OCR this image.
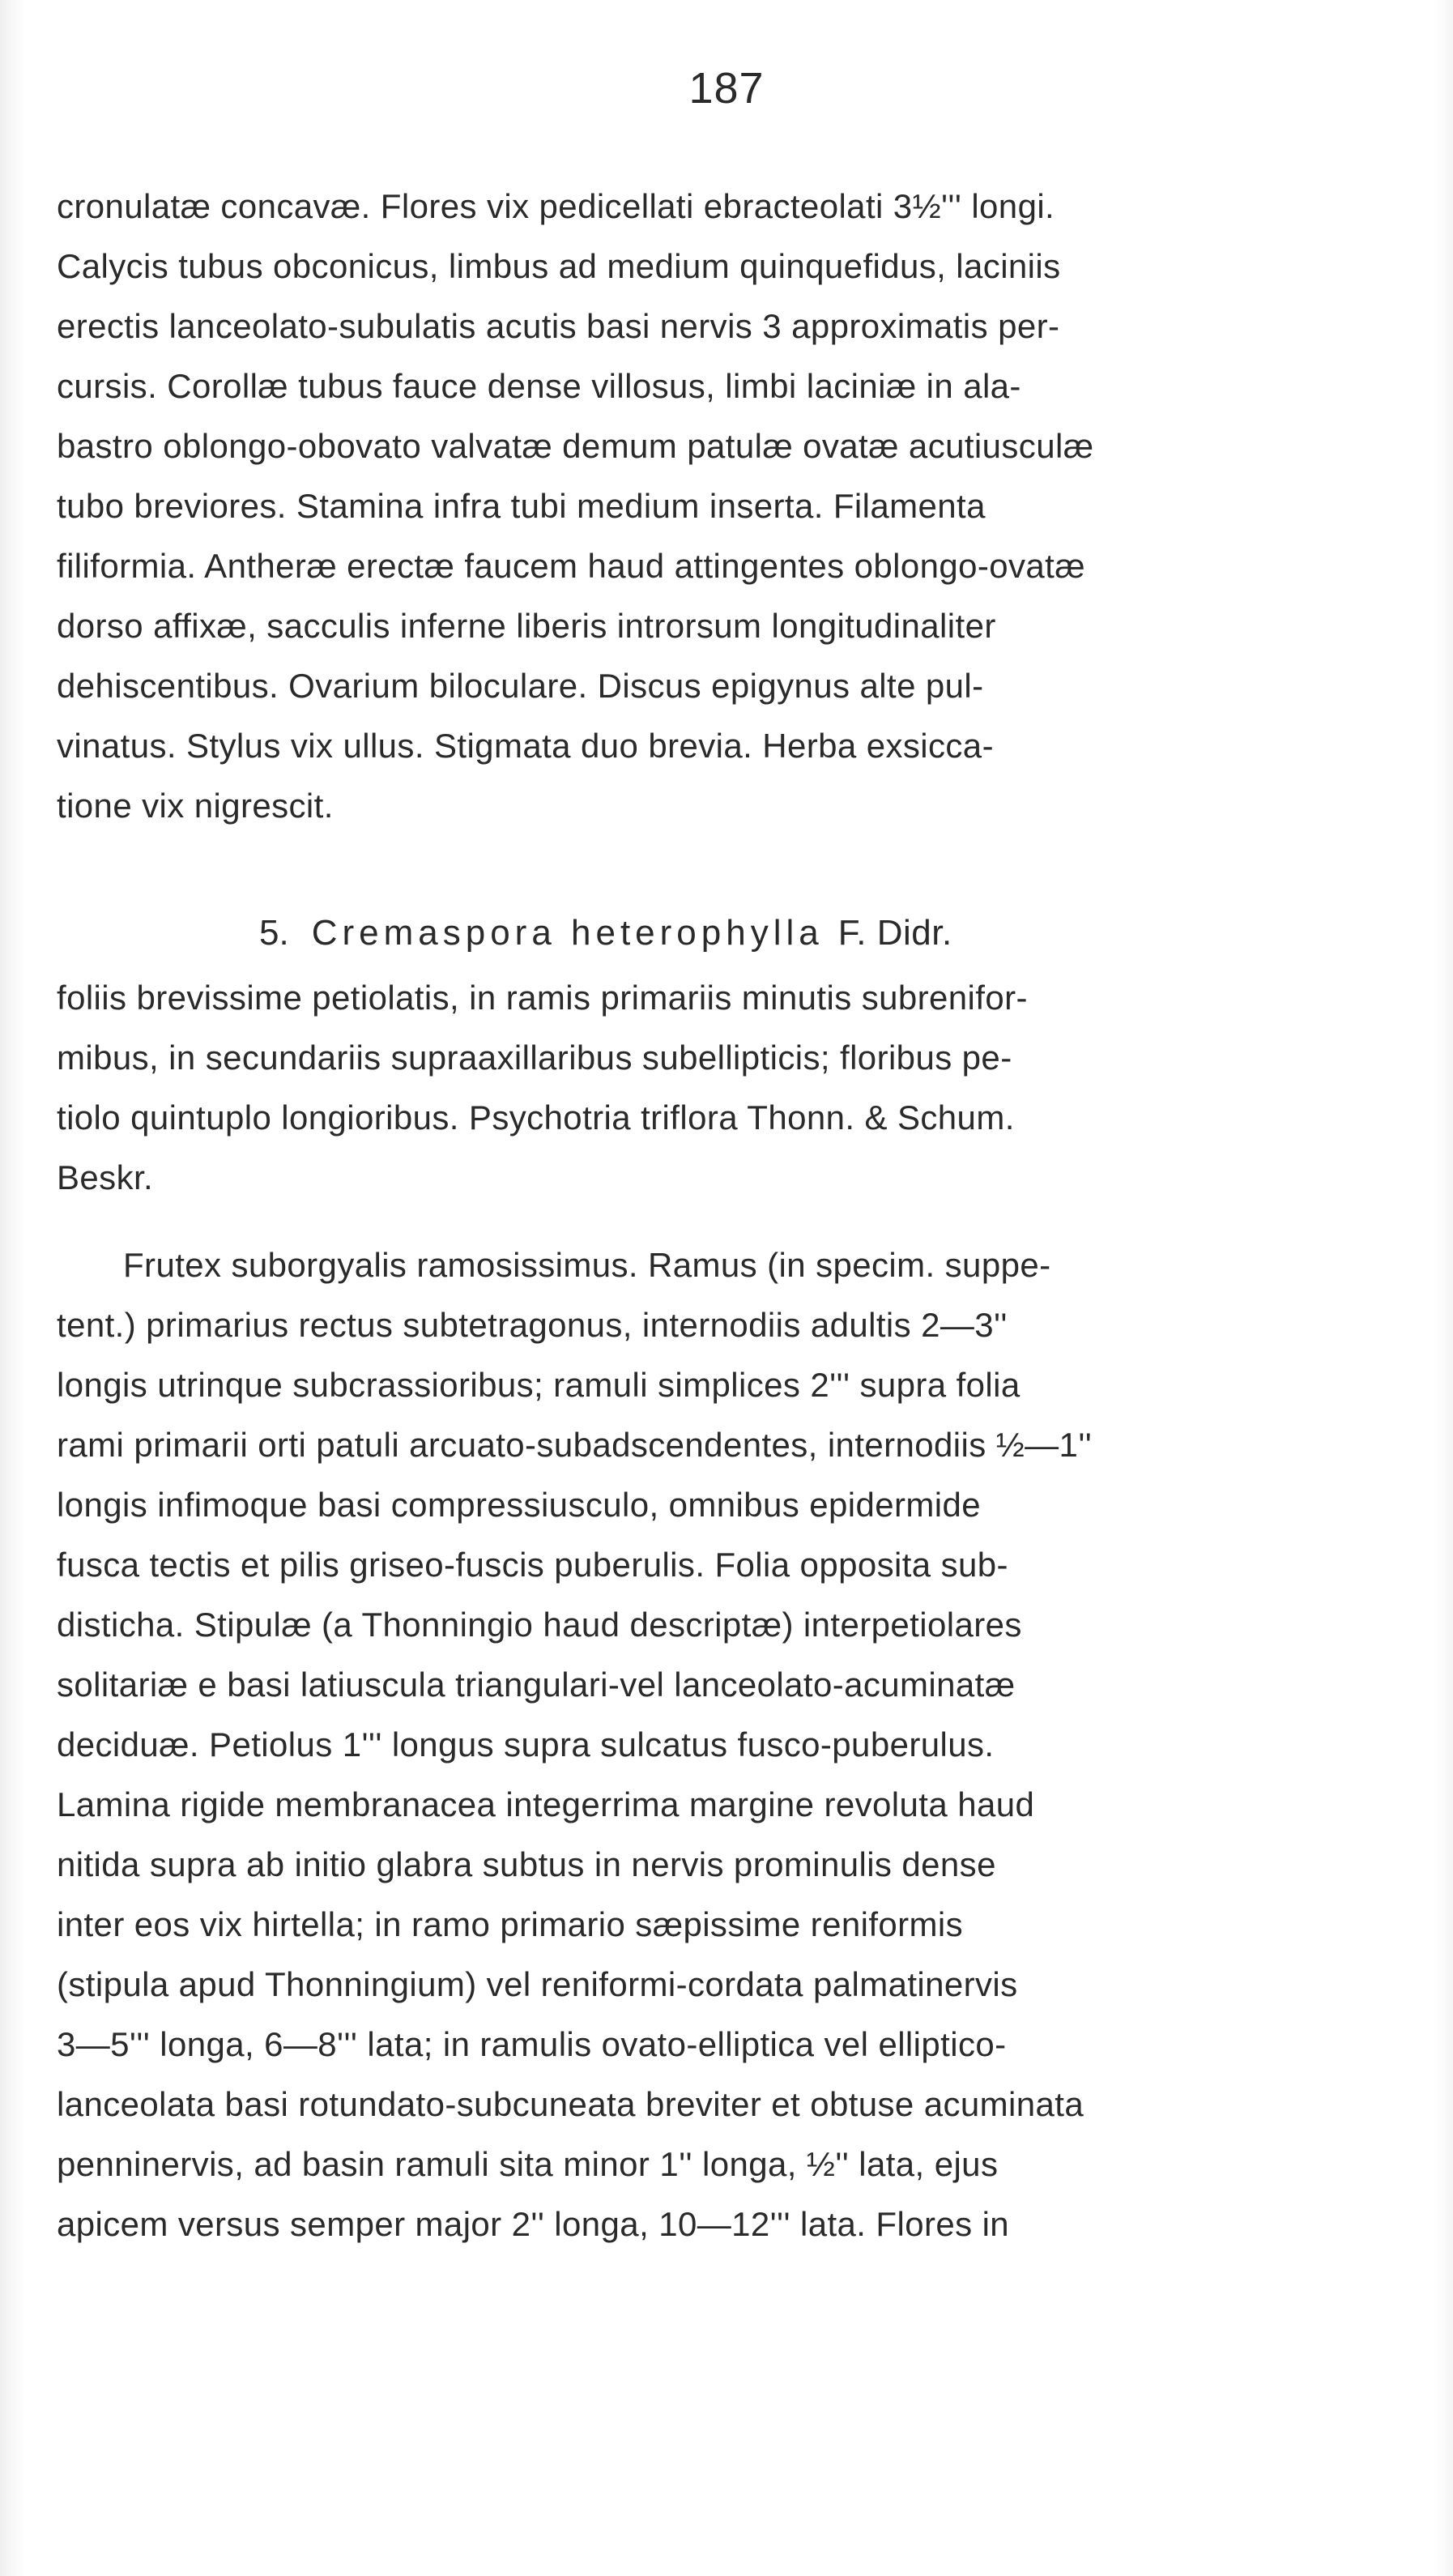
187
cronulatæ concavæ. Flores vix pedicellati ebracteolati 3½''' longi.
Calycis tubus obconicus, limbus ad medium quinquefidus, laciniis
erectis lanceolato-subulatis acutis basi nervis 3 approximatis per-
cursis. Corollæ tubus fauce dense villosus, limbi laciniæ in ala-
bastro oblongo-obovato valvatæ demum patulæ ovatæ acutiusculæ
tubo breviores. Stamina infra tubi medium inserta. Filamenta
filiformia. Antheræ erectæ faucem haud attingentes oblongo-ovatæ
dorso affixæ, sacculis inferne liberis introrsum longitudinaliter
dehiscentibus. Ovarium biloculare. Discus epigynus alte pul-
vinatus. Stylus vix ullus. Stigmata duo brevia. Herba exsicca-
tione vix nigrescit.
5. Cremaspora heterophylla F. Didr.
foliis brevissime petiolatis, in ramis primariis minutis subrenifor-
mibus, in secundariis supraaxillaribus subellipticis; floribus pe-
tiolo quintuplo longioribus. Psychotria triflora Thonn. & Schum.
Beskr.
Frutex suborgyalis ramosissimus. Ramus (in specim. suppe-
tent.) primarius rectus subtetragonus, internodiis adultis 2—3''
longis utrinque subcrassioribus; ramuli simplices 2''' supra folia
rami primarii orti patuli arcuato-subadscendentes, internodiis ½—1''
longis infimoque basi compressiusculo, omnibus epidermide
fusca tectis et pilis griseo-fuscis puberulis. Folia opposita sub-
disticha. Stipulæ (a Thonningio haud descriptæ) interpetiolares
solitariæ e basi latiuscula triangulari-vel lanceolato-acuminatæ
deciduæ. Petiolus 1''' longus supra sulcatus fusco-puberulus.
Lamina rigide membranacea integerrima margine revoluta haud
nitida supra ab initio glabra subtus in nervis prominulis dense
inter eos vix hirtella; in ramo primario sæpissime reniformis
(stipula apud Thonningium) vel reniformi-cordata palmatinervis
3—5''' longa, 6—8''' lata; in ramulis ovato-elliptica vel elliptico-
lanceolata basi rotundato-subcuneata breviter et obtuse acuminata
penninervis, ad basin ramuli sita minor 1'' longa, ½'' lata, ejus
apicem versus semper major 2'' longa, 10—12''' lata. Flores in
